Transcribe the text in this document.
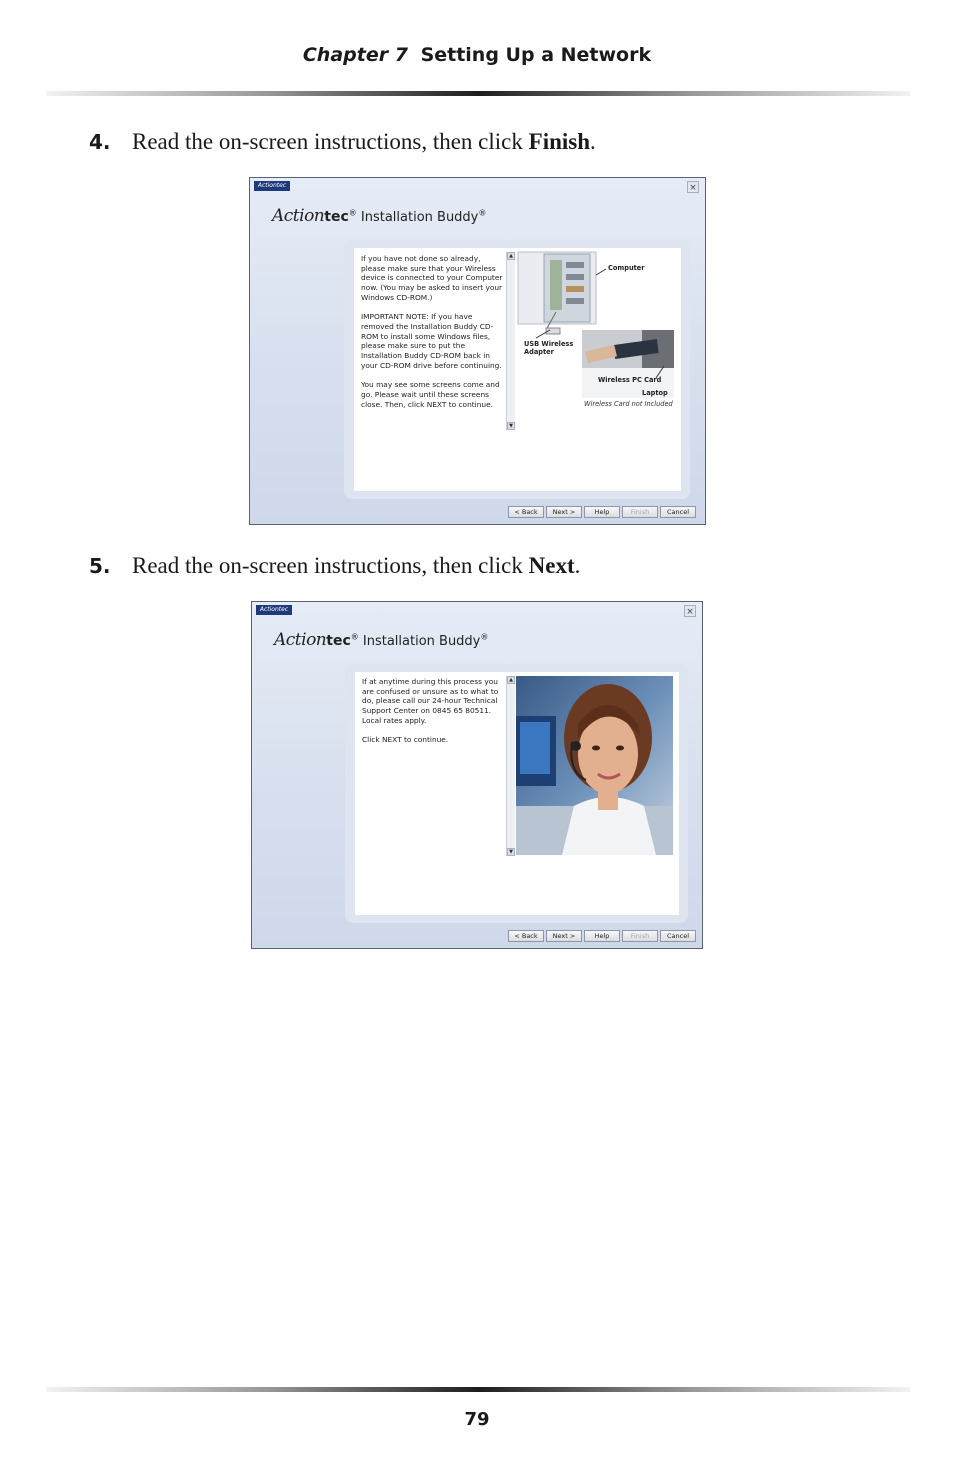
Chapter 7 Setting Up a Network
4. Read the on-screen instructions, then click Finish.
Actiontec	×
Actiontec® Installation Buddy®

If you have not done so already, please make sure that your Wireless device is connected to your Computer now. (You may be asked to insert your Windows CD-ROM.)

IMPORTANT NOTE: If you have removed the Installation Buddy CD-ROM to install some Windows files, please make sure to put the Installation Buddy CD-ROM back in your CD-ROM drive before continuing.

You may see some screens come and go. Please wait until these screens close. Then, click NEXT to continue.

▲
▼
Computer
USB Wireless
Adapter
Wireless PC Card
Laptop
Wireless Card not Included
< Back	Next >	Help	Finish	Cancel
5. Read the on-screen instructions, then click Next.
Actiontec	×
Actiontec® Installation Buddy®

If at anytime during this process you are confused or unsure as to what to do, please call our 24-hour Technical Support Center on 0845 65 80511. Local rates apply.

Click NEXT to continue.

▲
▼
< Back	Next >	Help	Finish	Cancel
79
